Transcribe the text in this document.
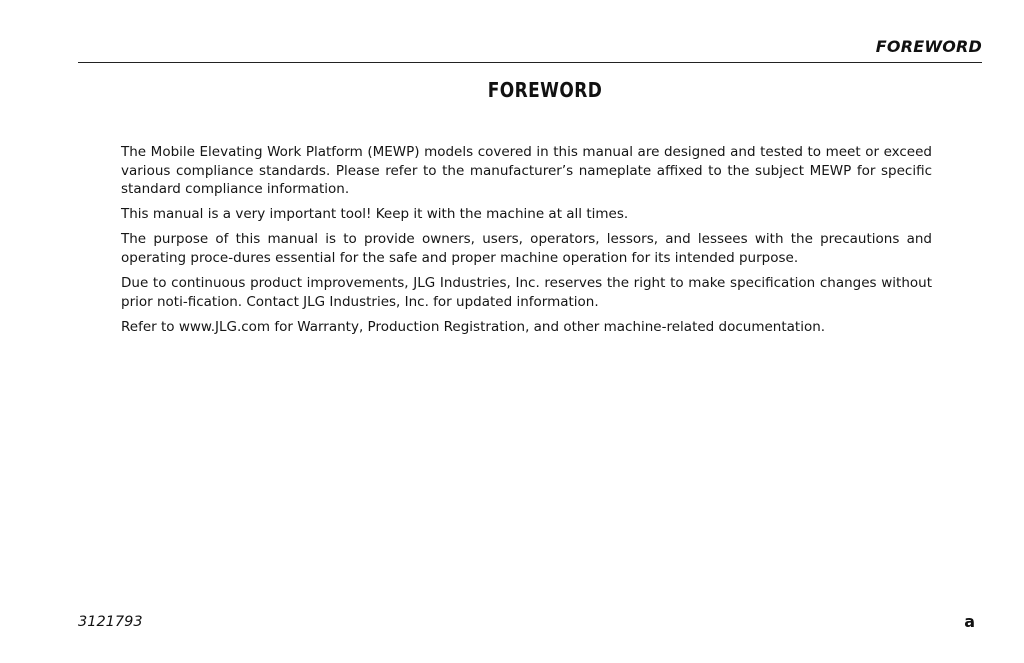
FOREWORD
FOREWORD

The Mobile Elevating Work Platform (MEWP) models covered in this manual are designed and tested to meet or exceed various compliance standards. Please refer to the manufacturer’s nameplate affixed to the subject MEWP for specific standard compliance information.

This manual is a very important tool! Keep it with the machine at all times.

The purpose of this manual is to provide owners, users, operators, lessors, and lessees with the precautions and operating proce-dures essential for the safe and proper machine operation for its intended purpose.

Due to continuous product improvements, JLG Industries, Inc. reserves the right to make specification changes without prior noti-fication. Contact JLG Industries, Inc. for updated information.

Refer to www.JLG.com for Warranty, Production Registration, and other machine-related documentation.

3121793	a
